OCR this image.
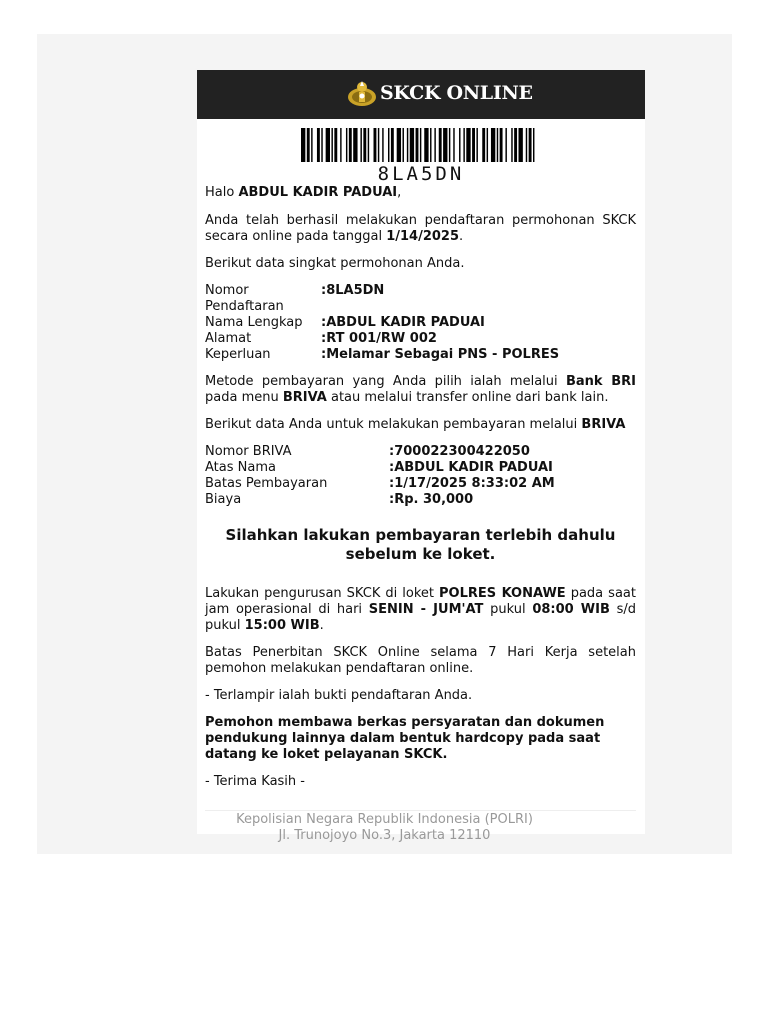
SKCK ONLINE
8LA5DN

Halo ABDUL KADIR PADUAI,

Anda telah berhasil melakukan pendaftaran permohonan SKCK secara online pada tanggal 1/14/2025.

Berikut data singkat permohonan Anda.

Nomor Pendaftaran
:8LA5DN
Nama Lengkap	:ABDUL KADIR PADUAI
Alamat	:RT 001/RW 002
Keperluan	:Melamar Sebagai PNS - POLRES

Metode pembayaran yang Anda pilih ialah melalui Bank BRI pada menu BRIVA atau melalui transfer online dari bank lain.

Berikut data Anda untuk melakukan pembayaran melalui BRIVA

Nomor BRIVA	:700022300422050
Atas Nama	:ABDUL KADIR PADUAI
Batas Pembayaran	:1/17/2025 8:33:02 AM
Biaya	:Rp. 30,000

Silahkan lakukan pembayaran terlebih dahulu sebelum ke loket.

Lakukan pengurusan SKCK di loket POLRES KONAWE pada saat jam operasional di hari SENIN - JUM'AT pukul 08:00 WIB s/d pukul 15:00 WIB.

Batas Penerbitan SKCK Online selama 7 Hari Kerja setelah pemohon melakukan pendaftaran online.

- Terlampir ialah bukti pendaftaran Anda.

Pemohon membawa berkas persyaratan dan dokumen pendukung lainnya dalam bentuk hardcopy pada saat datang ke loket pelayanan SKCK.

- Terima Kasih -

Kepolisian Negara Republik Indonesia (POLRI)
Jl. Trunojoyo No.3, Jakarta 12110
